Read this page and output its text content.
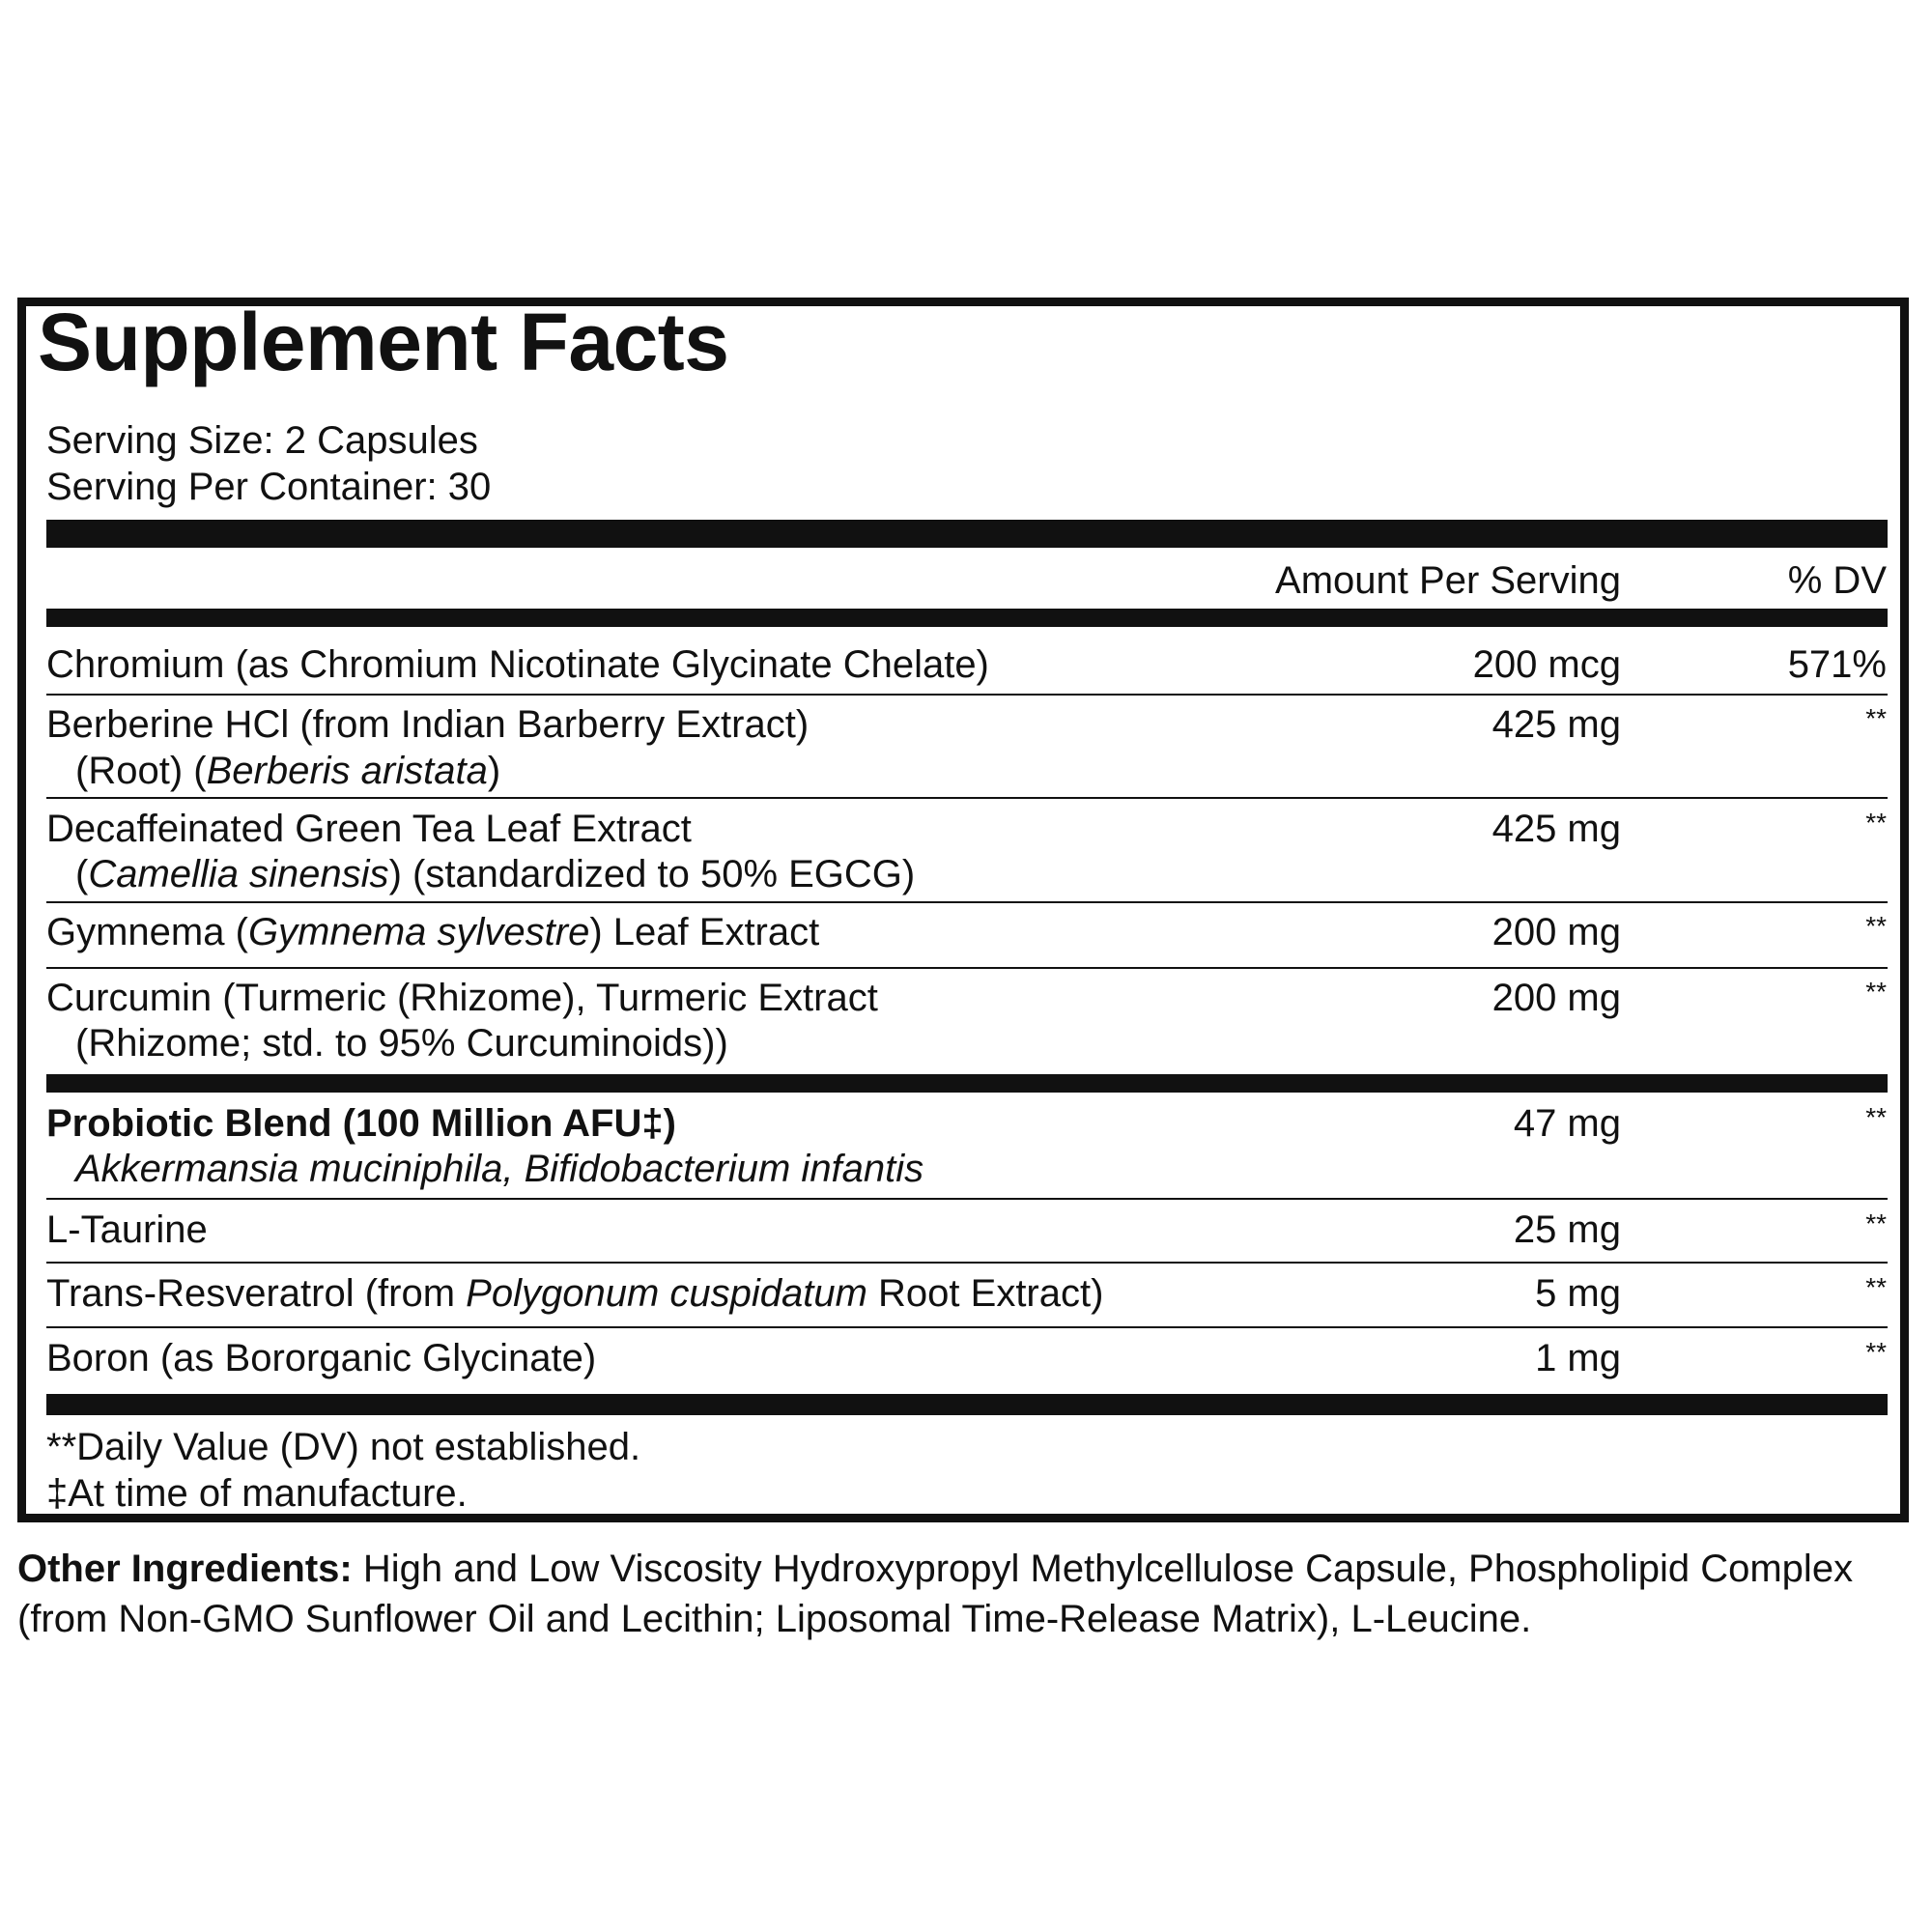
Supplement Facts
Serving Size: 2 Capsules
Serving Per Container: 30
Amount Per Serving	% DV
Chromium (as Chromium Nicotinate Glycinate Chelate)	200 mcg	571%
Berberine HCl (from Indian Barberry Extract)
(Root) (Berberis aristata)
425 mg	**
Decaffeinated Green Tea Leaf Extract
(Camellia sinensis) (standardized to 50% EGCG)
425 mg	**
Gymnema (Gymnema sylvestre) Leaf Extract	200 mg	**
Curcumin (Turmeric (Rhizome), Turmeric Extract
(Rhizome; std. to 95% Curcuminoids))
200 mg	**
Probiotic Blend (100 Million AFU‡)
Akkermansia muciniphila, Bifidobacterium infantis
47 mg	**
L-Taurine	25 mg	**
Trans-Resveratrol (from Polygonum cuspidatum Root Extract)	5 mg	**
Boron (as Bororganic Glycinate)	1 mg	**
**Daily Value (DV) not established.
‡At time of manufacture.
Other Ingredients: High and Low Viscosity Hydroxypropyl Methylcellulose Capsule, Phospholipid Complex (from Non-GMO Sunflower Oil and Lecithin; Liposomal Time-Release Matrix), L-Leucine.
